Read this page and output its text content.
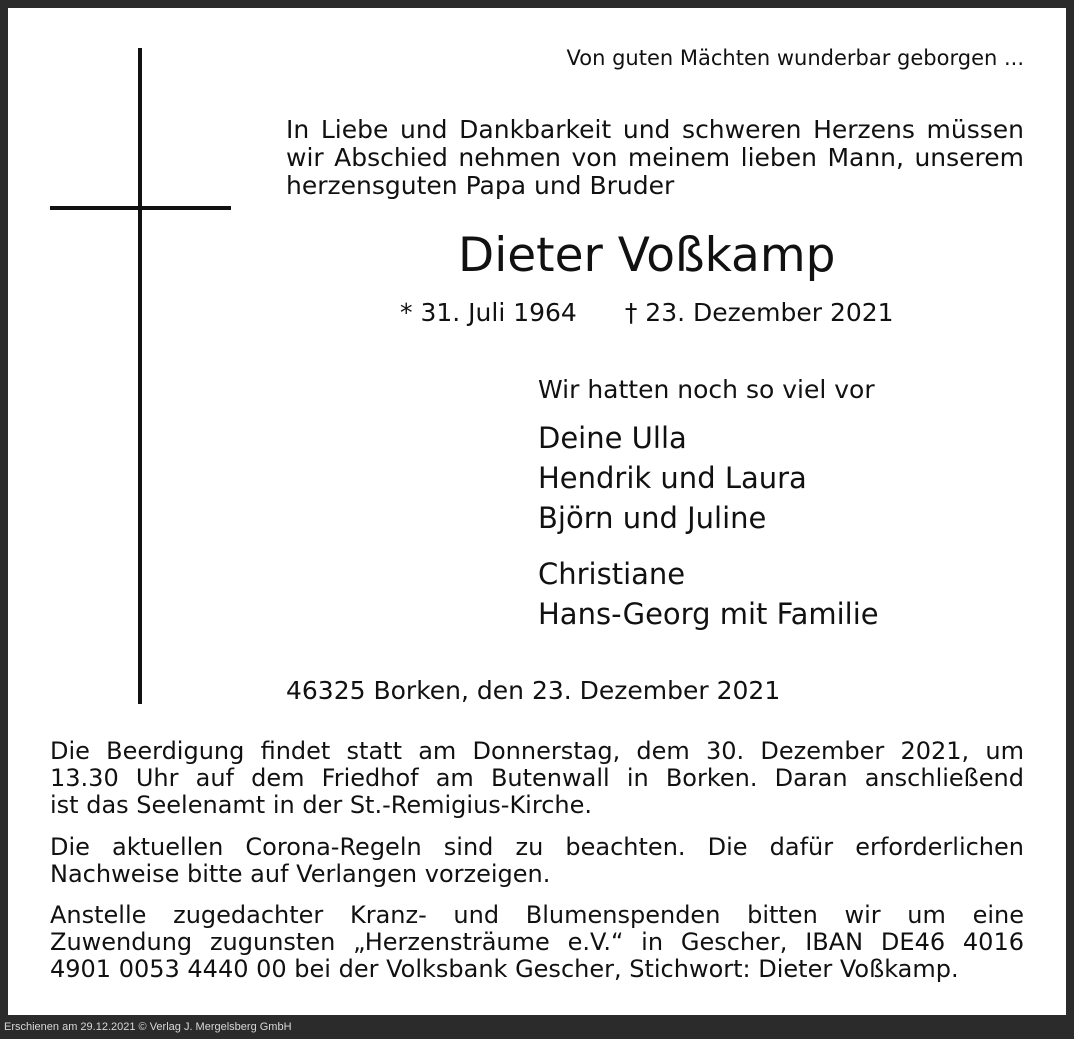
Von guten Mächten wunderbar geborgen ...

In Liebe und Dankbarkeit und schweren Herzens müssen
wir Abschied nehmen von meinem lieben Mann, unserem
herzensguten Papa und Bruder

Dieter Voßkamp

* 31. Juli 1964 † 23. Dezember 2021

Wir hatten noch so viel vor

Deine Ulla
Hendrik und Laura
Björn und Juline
Christiane
Hans-Georg mit Familie

46325 Borken, den 23. Dezember 2021

Die Beerdigung findet statt am Donnerstag, dem 30. Dezember 2021, um
13.30 Uhr auf dem Friedhof am Butenwall in Borken. Daran anschließend
ist das Seelenamt in der St.-Remigius-Kirche.
Die aktuellen Corona-Regeln sind zu beachten. Die dafür erforderlichen
Nachweise bitte auf Verlangen vorzeigen.
Anstelle zugedachter Kranz- und Blumenspenden bitten wir um eine
Zuwendung zugunsten „Herzensträume e.V.“ in Gescher, IBAN DE46 4016
4901 0053 4440 00 bei der Volksbank Gescher, Stichwort: Dieter Voßkamp.
Erschienen am 29.12.2021 © Verlag J. Mergelsberg GmbH
